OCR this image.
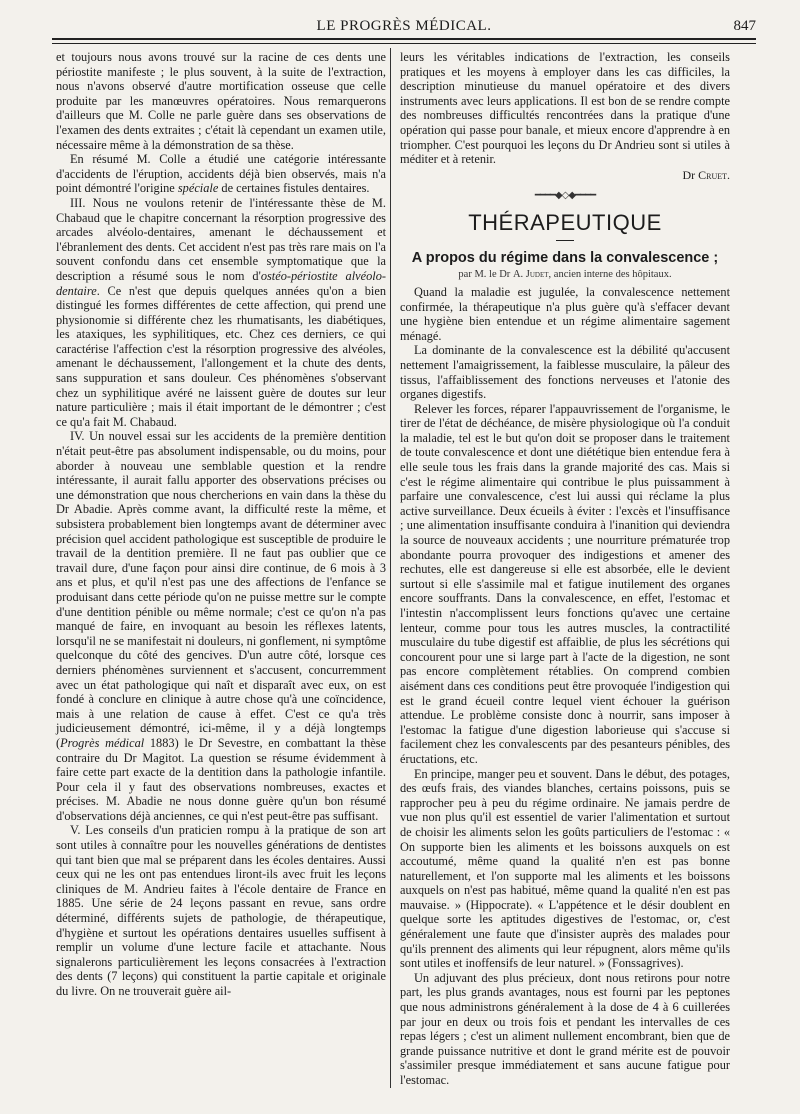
LE PROGRÈS MÉDICAL.	847

et toujours nous avons trouvé sur la racine de ces dents une périostite manifeste ; le plus souvent, à la suite de l'extraction, nous n'avons observé d'autre mortification osseuse que celle produite par les manœuvres opératoires. Nous remarquerons d'ailleurs que M. Colle ne parle guère dans ses observations de l'examen des dents extraites ; c'était là cependant un examen utile, nécessaire même à la démonstration de sa thèse.

En résumé M. Colle a étudié une catégorie intéressante d'accidents de l'éruption, accidents déjà bien observés, mais n'a point démontré l'origine spéciale de certaines fistules dentaires.

III. Nous ne voulons retenir de l'intéressante thèse de M. Chabaud que le chapitre concernant la résorption progressive des arcades alvéolo-dentaires, amenant le déchaussement et l'ébranlement des dents. Cet accident n'est pas très rare mais on l'a souvent confondu dans cet ensemble symptomatique que la description a résumé sous le nom d'ostéo-périostite alvéolo-dentaire. Ce n'est que depuis quelques années qu'on a bien distingué les formes différentes de cette affection, qui prend une physionomie si différente chez les rhumatisants, les diabétiques, les ataxiques, les syphilitiques, etc. Chez ces derniers, ce qui caractérise l'affection c'est la résorption progressive des alvéoles, amenant le déchaussement, l'allongement et la chute des dents, sans suppuration et sans douleur. Ces phénomènes s'observant chez un syphilitique avéré ne laissent guère de doutes sur leur nature particulière ; mais il était important de le démontrer ; c'est ce qu'a fait M. Chabaud.

IV. Un nouvel essai sur les accidents de la première dentition n'était peut-être pas absolument indispensable, ou du moins, pour aborder à nouveau une semblable question et la rendre intéressante, il aurait fallu apporter des observations précises ou une démonstration que nous chercherions en vain dans la thèse du Dr Abadie. Après comme avant, la difficulté reste la même, et subsistera probablement bien longtemps avant de déterminer avec précision quel accident pathologique est susceptible de produire le travail de la dentition première. Il ne faut pas oublier que ce travail dure, d'une façon pour ainsi dire continue, de 6 mois à 3 ans et plus, et qu'il n'est pas une des affections de l'enfance se produisant dans cette période qu'on ne puisse mettre sur le compte d'une dentition pénible ou même normale; c'est ce qu'on n'a pas manqué de faire, en invoquant au besoin les réflexes latents, lorsqu'il ne se manifestait ni douleurs, ni gonflement, ni symptôme quelconque du côté des gencives. D'un autre côté, lorsque ces derniers phénomènes surviennent et s'accusent, concurremment avec un état pathologique qui naît et disparaît avec eux, on est fondé à conclure en clinique à autre chose qu'à une coïncidence, mais à une relation de cause à effet. C'est ce qu'a très judicieusement démontré, ici-même, il y a déjà longtemps (Progrès médical 1883) le Dr Sevestre, en combattant la thèse contraire du Dr Magitot. La question se résume évidemment à faire cette part exacte de la dentition dans la pathologie infantile. Pour cela il y faut des observations nombreuses, exactes et précises. M. Abadie ne nous donne guère qu'un bon résumé d'observations déjà anciennes, ce qui n'est peut-être pas suffisant.

V. Les conseils d'un praticien rompu à la pratique de son art sont utiles à connaître pour les nouvelles générations de dentistes qui tant bien que mal se préparent dans les écoles dentaires. Aussi ceux qui ne les ont pas entendues liront-ils avec fruit les leçons cliniques de M. Andrieu faites à l'école dentaire de France en 1885. Une série de 24 leçons passant en revue, sans ordre déterminé, différents sujets de pathologie, de thérapeutique, d'hygiène et surtout les opérations dentaires usuelles suffisent à remplir un volume d'une lecture facile et attachante. Nous signalerons particulièrement les leçons consacrées à l'extraction des dents (7 leçons) qui constituent la partie capitale et originale du livre. On ne trouverait guère ail-

leurs les véritables indications de l'extraction, les conseils pratiques et les moyens à employer dans les cas difficiles, la description minutieuse du manuel opératoire et des divers instruments avec leurs applications. Il est bon de se rendre compte des nombreuses difficultés rencontrées dans la pratique d'une opération qui passe pour banale, et mieux encore d'apprendre à en triompher. C'est pourquoi les leçons du Dr Andrieu sont si utiles à méditer et à retenir.

Dr Cruet.
━━━━◆◇◆━━━━
THÉRAPEUTIQUE
A propos du régime dans la convalescence ;
par M. le Dr A. Judet, ancien interne des hôpitaux.

Quand la maladie est jugulée, la convalescence nettement confirmée, la thérapeutique n'a plus guère qu'à s'effacer devant une hygiène bien entendue et un régime alimentaire sagement ménagé.

La dominante de la convalescence est la débilité qu'accusent nettement l'amaigrissement, la faiblesse musculaire, la pâleur des tissus, l'affaiblissement des fonctions nerveuses et l'atonie des organes digestifs.

Relever les forces, réparer l'appauvrissement de l'organisme, le tirer de l'état de déchéance, de misère physiologique où l'a conduit la maladie, tel est le but qu'on doit se proposer dans le traitement de toute convalescence et dont une diététique bien entendue fera à elle seule tous les frais dans la grande majorité des cas. Mais si c'est le régime alimentaire qui contribue le plus puissamment à parfaire une convalescence, c'est lui aussi qui réclame la plus active surveillance. Deux écueils à éviter : l'excès et l'insuffisance ; une alimentation insuffisante conduira à l'inanition qui deviendra la source de nouveaux accidents ; une nourriture prématurée trop abondante pourra provoquer des indigestions et amener des rechutes, elle est dangereuse si elle est absorbée, elle le devient surtout si elle s'assimile mal et fatigue inutilement des organes encore souffrants. Dans la convalescence, en effet, l'estomac et l'intestin n'accomplissent leurs fonctions qu'avec une certaine lenteur, comme pour tous les autres muscles, la contractilité musculaire du tube digestif est affaiblie, de plus les sécrétions qui concourent pour une si large part à l'acte de la digestion, ne sont pas encore complètement rétablies. On comprend combien aisément dans ces conditions peut être provoquée l'indigestion qui est le grand écueil contre lequel vient échouer la guérison attendue. Le problème consiste donc à nourrir, sans imposer à l'estomac la fatigue d'une digestion laborieuse qui s'accuse si facilement chez les convalescents par des pesanteurs pénibles, des éructations, etc.

En principe, manger peu et souvent. Dans le début, des potages, des œufs frais, des viandes blanches, certains poissons, puis se rapprocher peu à peu du régime ordinaire. Ne jamais perdre de vue non plus qu'il est essentiel de varier l'alimentation et surtout de choisir les aliments selon les goûts particuliers de l'estomac : « On supporte bien les aliments et les boissons auxquels on est accoutumé, même quand la qualité n'en est pas bonne naturellement, et l'on supporte mal les aliments et les boissons auxquels on n'est pas habitué, même quand la qualité n'en est pas mauvaise. » (Hippocrate). « L'appétence et le désir doublent en quelque sorte les aptitudes digestives de l'estomac, or, c'est généralement une faute que d'insister auprès des malades pour qu'ils prennent des aliments qui leur répugnent, alors même qu'ils sont utiles et inoffensifs de leur naturel. » (Fonssagrives).

Un adjuvant des plus précieux, dont nous retirons pour notre part, les plus grands avantages, nous est fourni par les peptones que nous administrons généralement à la dose de 4 à 6 cuillerées par jour en deux ou trois fois et pendant les intervalles de ces repas légers ; c'est un aliment nullement encombrant, bien que de grande puissance nutritive et dont le grand mérite est de pouvoir s'assimiler presque immédiatement et sans aucune fatigue pour l'estomac.
